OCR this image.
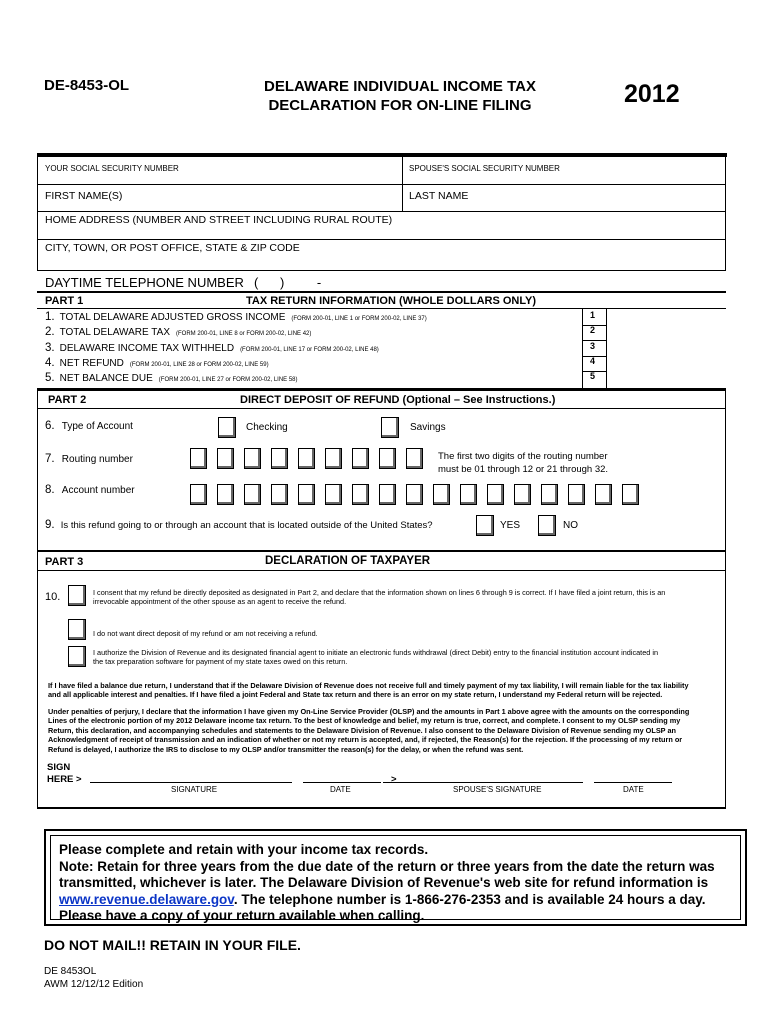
DE-8453-OL	DELAWARE INDIVIDUAL INCOME TAX
DECLARATION FOR ON-LINE FILING	2012
YOUR SOCIAL SECURITY NUMBER	SPOUSE'S SOCIAL SECURITY NUMBER
FIRST NAME(S)	LAST NAME
HOME ADDRESS (NUMBER AND STREET INCLUDING RURAL ROUTE)
CITY, TOWN, OR POST OFFICE, STATE & ZIP CODE
DAYTIME TELEPHONE NUMBER (      )         -
PART 1	TAX RETURN INFORMATION (WHOLE DOLLARS ONLY)
1. TOTAL DELAWARE ADJUSTED GROSS INCOME (FORM 200-01, LINE 1 or FORM 200-02, LINE 37)	1
2. TOTAL DELAWARE TAX (FORM 200-01, LINE 8 or FORM 200-02, LINE 42)	2
3. DELAWARE INCOME TAX WITHHELD (FORM 200-01, LINE 17 or FORM 200-02, LINE 48)	3
4. NET REFUND (FORM 200-01, LINE 28 or FORM 200-02, LINE 59)	4
5. NET BALANCE DUE (FORM 200-01, LINE 27 or FORM 200-02, LINE 58)	5
PART 2	DIRECT DEPOSIT OF REFUND (Optional – See Instructions.)
6. Type of Account	Checking	Savings
7. Routing number	The first two digits of the routing number
must be 01 through 12 or 21 through 32.
8. Account number
9. Is this refund going to or through an account that is located outside of the United States?	YES	NO
PART 3	DECLARATION OF TAXPAYER
10.	I consent that my refund be directly deposited as designated in Part 2, and declare that the information shown on lines 6 through 9 is correct. If I have filed a joint return, this is an
irrevocable appointment of the other spouse as an agent to receive the refund.
I do not want direct deposit of my refund or am not receiving a refund.
I authorize the Division of Revenue and its designated financial agent to initiate an electronic funds withdrawal (direct Debit) entry to the financial institution account indicated in
the tax preparation software for payment of my state taxes owed on this return.
If I have filed a balance due return, I understand that if the Delaware Division of Revenue does not receive full and timely payment of my tax liability, I will remain liable for the tax liability
and all applicable interest and penalties. If I have filed a joint Federal and State tax return and there is an error on my state return, I understand my Federal return will be rejected.
Under penalties of perjury, I declare that the information I have given my On-Line Service Provider (OLSP) and the amounts in Part 1 above agree with the amounts on the corresponding
Lines of the electronic portion of my 2012 Delaware income tax return. To the best of knowledge and belief, my return is true, correct, and complete. I consent to my OLSP sending my
Return, this declaration, and accompanying schedules and statements to the Delaware Division of Revenue. I also consent to the Delaware Division of Revenue sending my OLSP an
Acknowledgment of receipt of transmission and an indication of whether or not my return is accepted, and, if rejected, the Reason(s) for the rejection. If the processing of my return or
Refund is delayed, I authorize the IRS to disclose to my OLSP and/or transmitter the reason(s) for the delay, or when the refund was sent.
SIGN
HERE >	>
SIGNATURE	DATE	SPOUSE'S SIGNATURE	DATE
Please complete and retain with your income tax records.
Note: Retain for three years from the due date of the return or three years from the date the return was
transmitted, whichever is later. The Delaware Division of Revenue's web site for refund information is
www.revenue.delaware.gov. The telephone number is 1-866-276-2353 and is available 24 hours a day.
Please have a copy of your return available when calling.
DO NOT MAIL!! RETAIN IN YOUR FILE.
DE 8453OL
AWM 12/12/12 Edition
